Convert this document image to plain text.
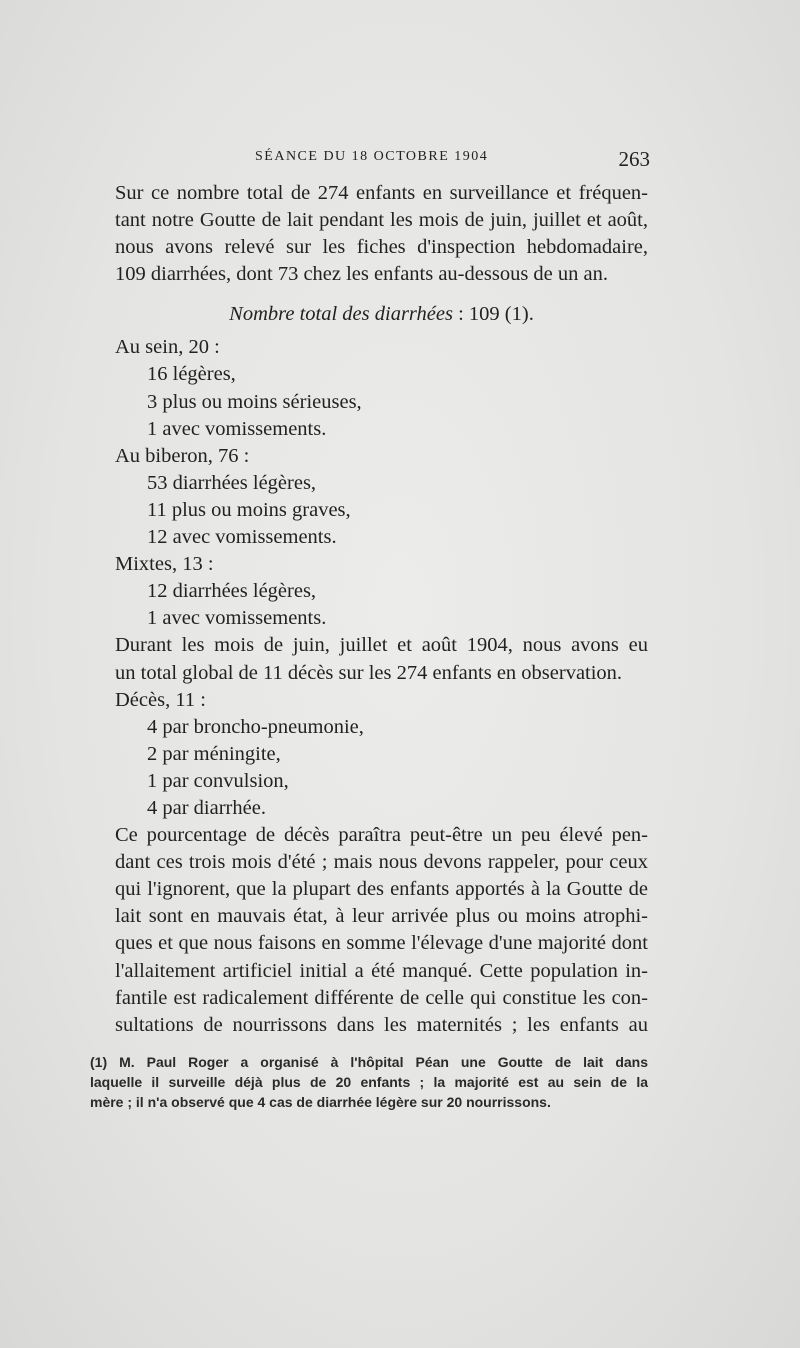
SÉANCE DU 18 OCTOBRE 1904	263
Sur ce nombre total de 274 enfants en surveillance et fréquen-
tant notre Goutte de lait pendant les mois de juin, juillet et août,
nous avons relevé sur les fiches d'inspection hebdomadaire,
109 diarrhées, dont 73 chez les enfants au-dessous de un an.
Nombre total des diarrhées : 109 (1).
Au sein, 20 :
16 légères,
3 plus ou moins sérieuses,
1 avec vomissements.
Au biberon, 76 :
53 diarrhées légères,
11 plus ou moins graves,
12 avec vomissements.
Mixtes, 13 :
12 diarrhées légères,
1 avec vomissements.
Durant les mois de juin, juillet et août 1904, nous avons eu
un total global de 11 décès sur les 274 enfants en observation.
Décès, 11 :
4 par broncho-pneumonie,
2 par méningite,
1 par convulsion,
4 par diarrhée.
Ce pourcentage de décès paraîtra peut-être un peu élevé pen-
dant ces trois mois d'été ; mais nous devons rappeler, pour ceux
qui l'ignorent, que la plupart des enfants apportés à la Goutte de
lait sont en mauvais état, à leur arrivée plus ou moins atrophi-
ques et que nous faisons en somme l'élevage d'une majorité dont
l'allaitement artificiel initial a été manqué. Cette population in-
fantile est radicalement différente de celle qui constitue les con-
sultations de nourrissons dans les maternités ; les enfants au
(1) M. Paul Roger a organisé à l'hôpital Péan une Goutte de lait dans
laquelle il surveille déjà plus de 20 enfants ; la majorité est au sein de la
mère ; il n'a observé que 4 cas de diarrhée légère sur 20 nourrissons.
